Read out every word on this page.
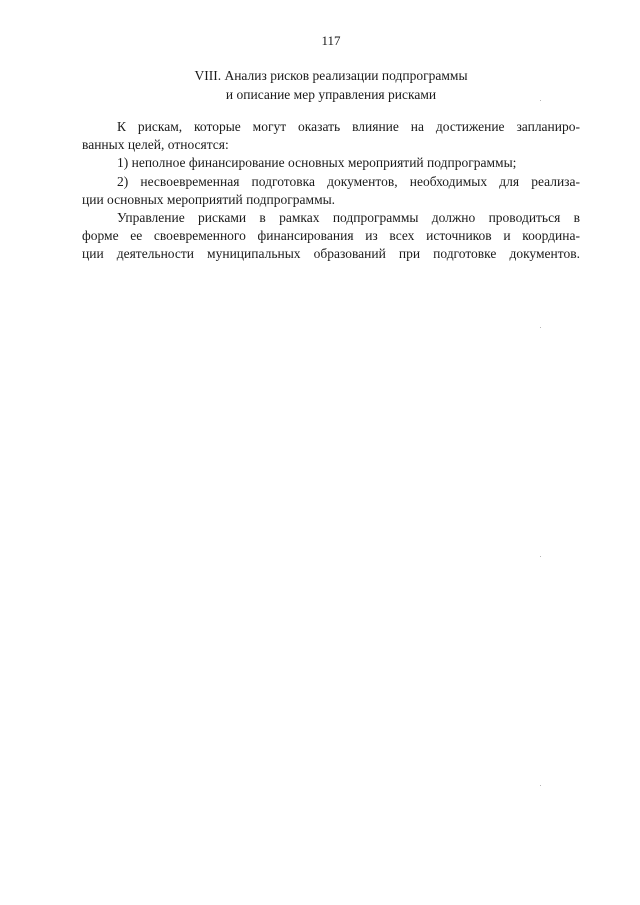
117
VIII. Анализ рисков реализации подпрограммы
и описание мер управления рисками
К рискам, которые могут оказать влияние на достижение запланиро-
ванных целей, относятся:
1) неполное финансирование основных мероприятий подпрограммы;
2) несвоевременная подготовка документов, необходимых для реализа-
ции основных мероприятий подпрограммы.
Управление рисками в рамках подпрограммы должно проводиться в
форме ее своевременного финансирования из всех источников и координа-
ции деятельности муниципальных образований при подготовке документов.
